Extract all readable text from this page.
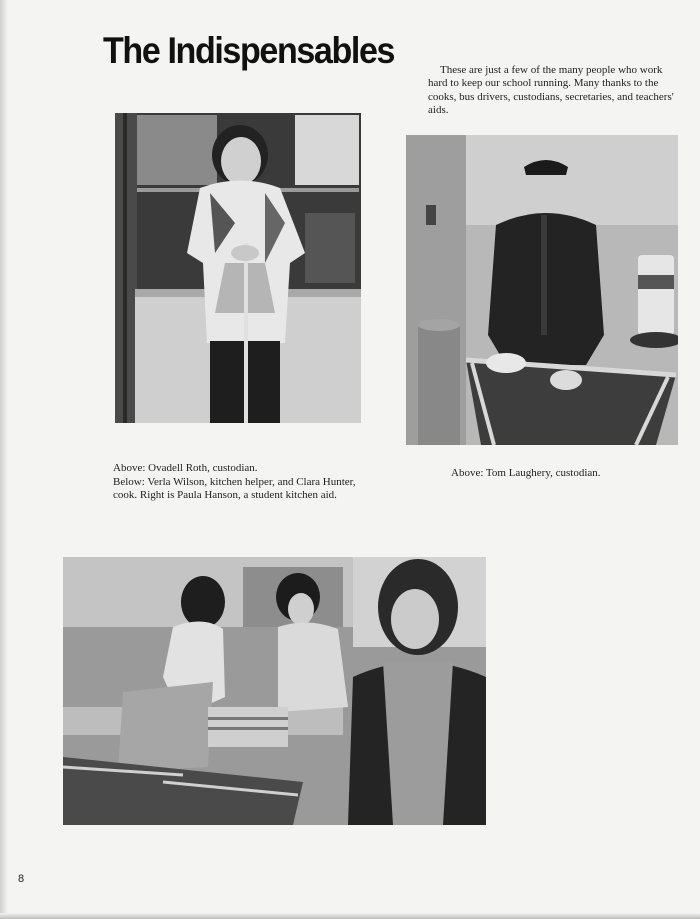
The Indispensables	These are just a few of the many people who work hard to keep our school running. Many thanks to the cooks, bus drivers, custodians, secretaries, and teachers' aids.
Above: Ovadell Roth, custodian.
Below: Verla Wilson, kitchen helper, and Clara Hunter, cook. Right is Paula Hanson, a student kitchen aid.
Above: Tom Laughery, custodian.
8
